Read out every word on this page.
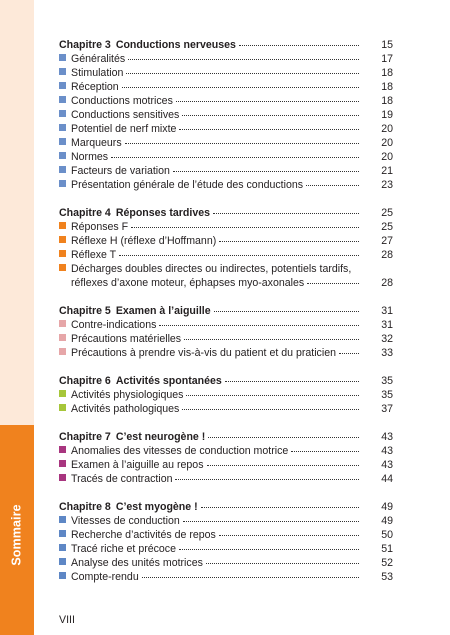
Sommaire
Chapitre 3 Conductions nerveuses	15
Généralités	17
Stimulation	18
Réception	18
Conductions motrices	18
Conductions sensitives	19
Potentiel de nerf mixte	20
Marqueurs	20
Normes	20
Facteurs de variation	21
Présentation générale de l’étude des conductions	23
Chapitre 4 Réponses tardives	25
Réponses F	25
Réflexe H (réflexe d’Hoffmann)	27
Réflexe T	28
Décharges doubles directes ou indirectes, potentiels tardifs,
réflexes d’axone moteur, éphapses myo-axonales	28
Chapitre 5 Examen à l’aiguille	31
Contre-indications	31
Précautions matérielles	32
Précautions à prendre vis-à-vis du patient et du praticien	33
Chapitre 6 Activités spontanées	35
Activités physiologiques	35
Activités pathologiques	37
Chapitre 7 C’est neurogène !	43
Anomalies des vitesses de conduction motrice	43
Examen à l’aiguille au repos	43
Tracés de contraction	44
Chapitre 8 C’est myogène !	49
Vitesses de conduction	49
Recherche d’activités de repos	50
Tracé riche et précoce	51
Analyse des unités motrices	52
Compte-rendu	53
VIII
